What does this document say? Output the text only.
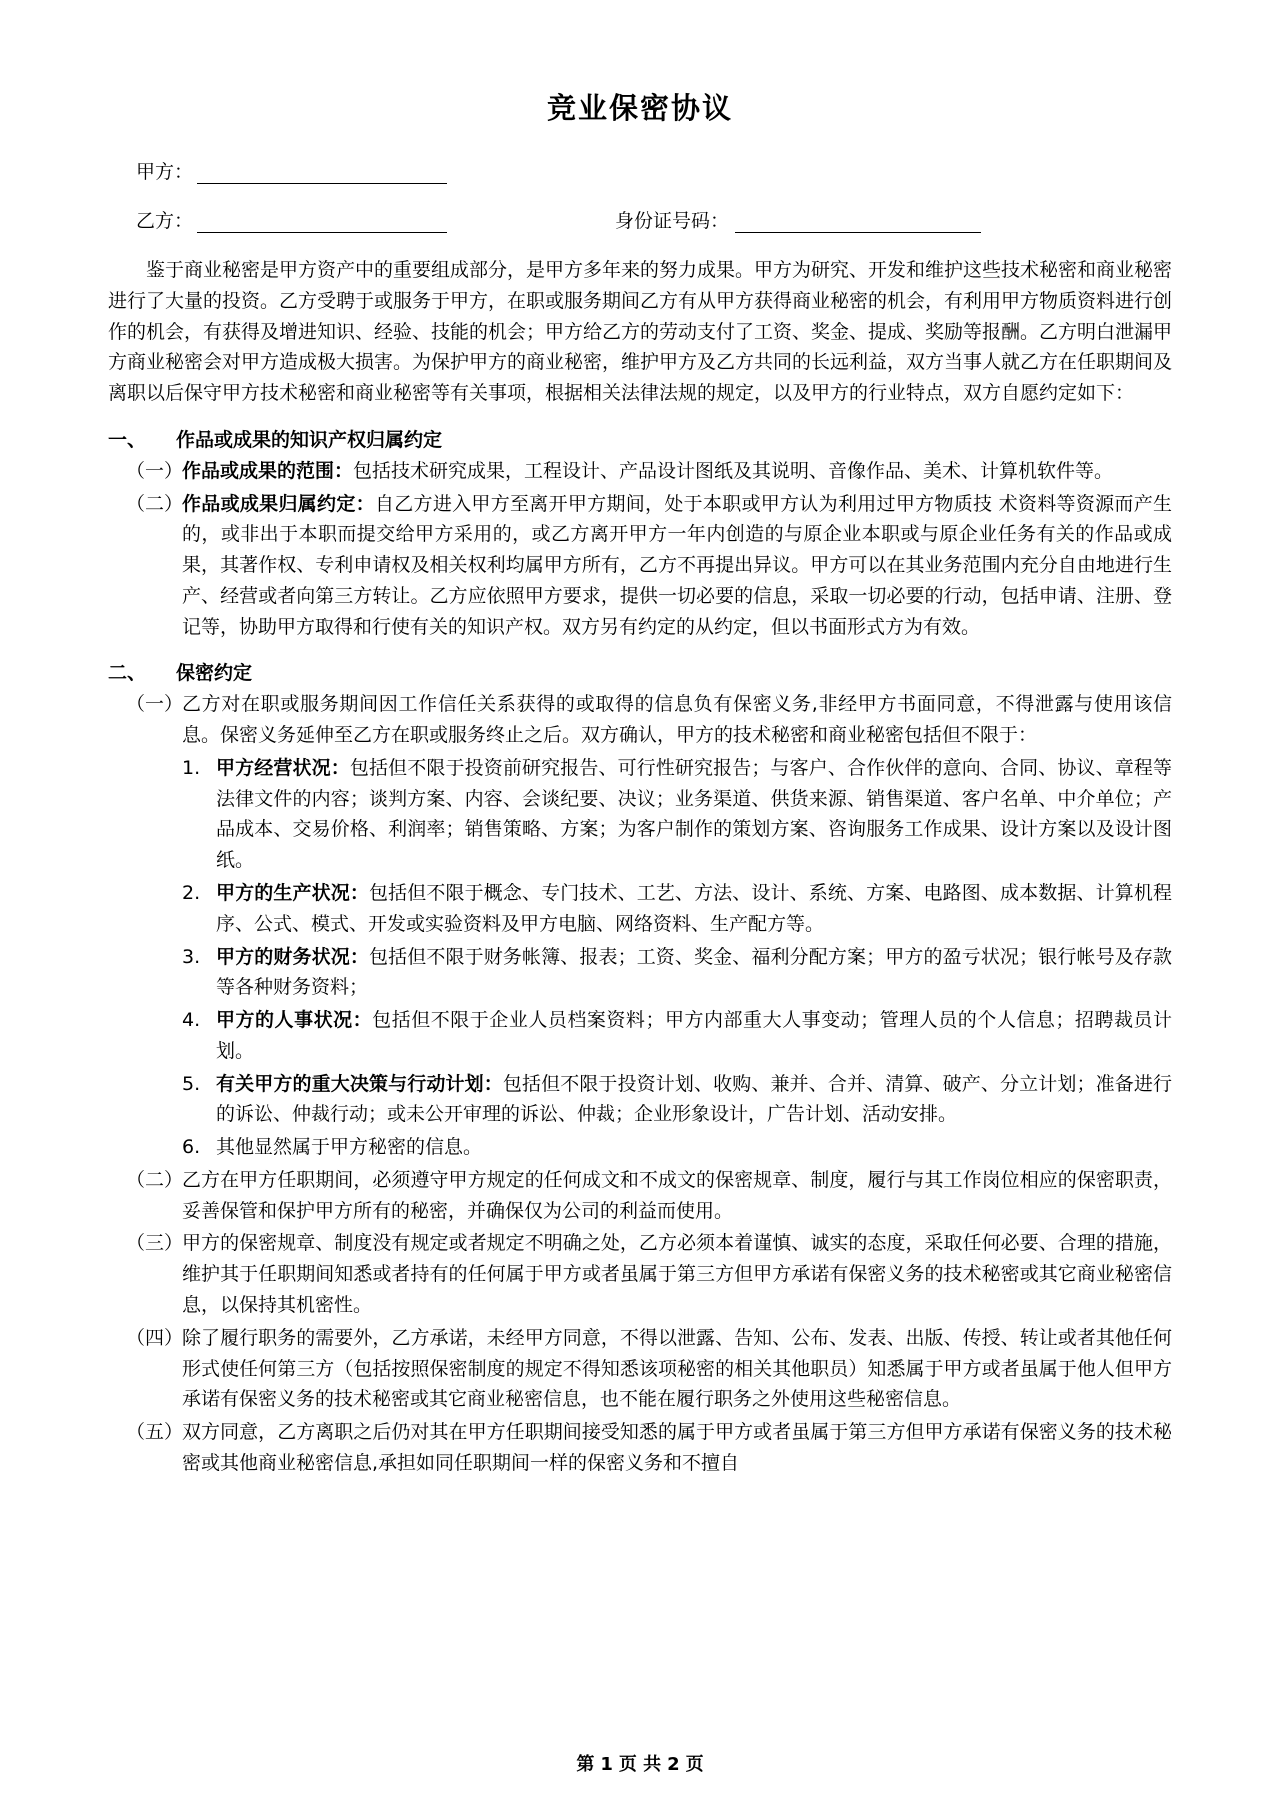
竞业保密协议
甲方：
乙方：	身份证号码：
鉴于商业秘密是甲方资产中的重要组成部分，是甲方多年来的努力成果。甲方为研究、开发和维护这些技术秘密和商业秘密进行了大量的投资。乙方受聘于或服务于甲方，在职或服务期间乙方有从甲方获得商业秘密的机会，有利用甲方物质资料进行创作的机会，有获得及增进知识、经验、技能的机会；甲方给乙方的劳动支付了工资、奖金、提成、奖励等报酬。乙方明白泄漏甲方商业秘密会对甲方造成极大损害。为保护甲方的商业秘密，维护甲方及乙方共同的长远利益，双方当事人就乙方在任职期间及离职以后保守甲方技术秘密和商业秘密等有关事项，根据相关法律法规的规定，以及甲方的行业特点，双方自愿约定如下：
一、	作品或成果的知识产权归属约定
（一）
作品或成果的范围：包括技术研究成果，工程设计、产品设计图纸及其说明、音像作品、美术、计算机软件等。
（二）
作品或成果归属约定：自乙方进入甲方至离开甲方期间，处于本职或甲方认为利用过甲方物质技 术资料等资源而产生的，或非出于本职而提交给甲方采用的，或乙方离开甲方一年内创造的与原企业本职或与原企业任务有关的作品或成果，其著作权、专利申请权及相关权利均属甲方所有，乙方不再提出异议。甲方可以在其业务范围内充分自由地进行生产、经营或者向第三方转让。乙方应依照甲方要求，提供一切必要的信息，采取一切必要的行动，包括申请、注册、登记等，协助甲方取得和行使有关的知识产权。双方另有约定的从约定，但以书面形式方为有效。
二、	保密约定
（一）
乙方对在职或服务期间因工作信任关系获得的或取得的信息负有保密义务,非经甲方书面同意，不得泄露与使用该信息。保密义务延伸至乙方在职或服务终止之后。双方确认，甲方的技术秘密和商业秘密包括但不限于：
1. 甲方经营状况：包括但不限于投资前研究报告、可行性研究报告；与客户、合作伙伴的意向、合同、协议、章程等法律文件的内容；谈判方案、内容、会谈纪要、决议；业务渠道、供货来源、销售渠道、客户名单、中介单位；产品成本、交易价格、利润率；销售策略、方案；为客户制作的策划方案、咨询服务工作成果、设计方案以及设计图纸。
2. 甲方的生产状况：包括但不限于概念、专门技术、工艺、方法、设计、系统、方案、电路图、成本数据、计算机程序、公式、模式、开发或实验资料及甲方电脑、网络资料、生产配方等。
3. 甲方的财务状况：包括但不限于财务帐簿、报表；工资、奖金、福利分配方案；甲方的盈亏状况；银行帐号及存款等各种财务资料；
4. 甲方的人事状况：包括但不限于企业人员档案资料；甲方内部重大人事变动；管理人员的个人信息；招聘裁员计划。
5. 有关甲方的重大决策与行动计划：包括但不限于投资计划、收购、兼并、合并、清算、破产、分立计划；准备进行的诉讼、仲裁行动；或未公开审理的诉讼、仲裁；企业形象设计，广告计划、活动安排。
6. 其他显然属于甲方秘密的信息。
（二）
乙方在甲方任职期间，必须遵守甲方规定的任何成文和不成文的保密规章、制度，履行与其工作岗位相应的保密职责，妥善保管和保护甲方所有的秘密，并确保仅为公司的利益而使用。
（三）
甲方的保密规章、制度没有规定或者规定不明确之处，乙方必须本着谨慎、诚实的态度，采取任何必要、合理的措施，维护其于任职期间知悉或者持有的任何属于甲方或者虽属于第三方但甲方承诺有保密义务的技术秘密或其它商业秘密信息，以保持其机密性。
（四）
除了履行职务的需要外，乙方承诺，未经甲方同意，不得以泄露、告知、公布、发表、出版、传授、转让或者其他任何形式使任何第三方（包括按照保密制度的规定不得知悉该项秘密的相关其他职员）知悉属于甲方或者虽属于他人但甲方承诺有保密义务的技术秘密或其它商业秘密信息，也不能在履行职务之外使用这些秘密信息。
（五）
双方同意，乙方离职之后仍对其在甲方任职期间接受知悉的属于甲方或者虽属于第三方但甲方承诺有保密义务的技术秘密或其他商业秘密信息,承担如同任职期间一样的保密义务和不擅自
第 1 页 共 2 页
